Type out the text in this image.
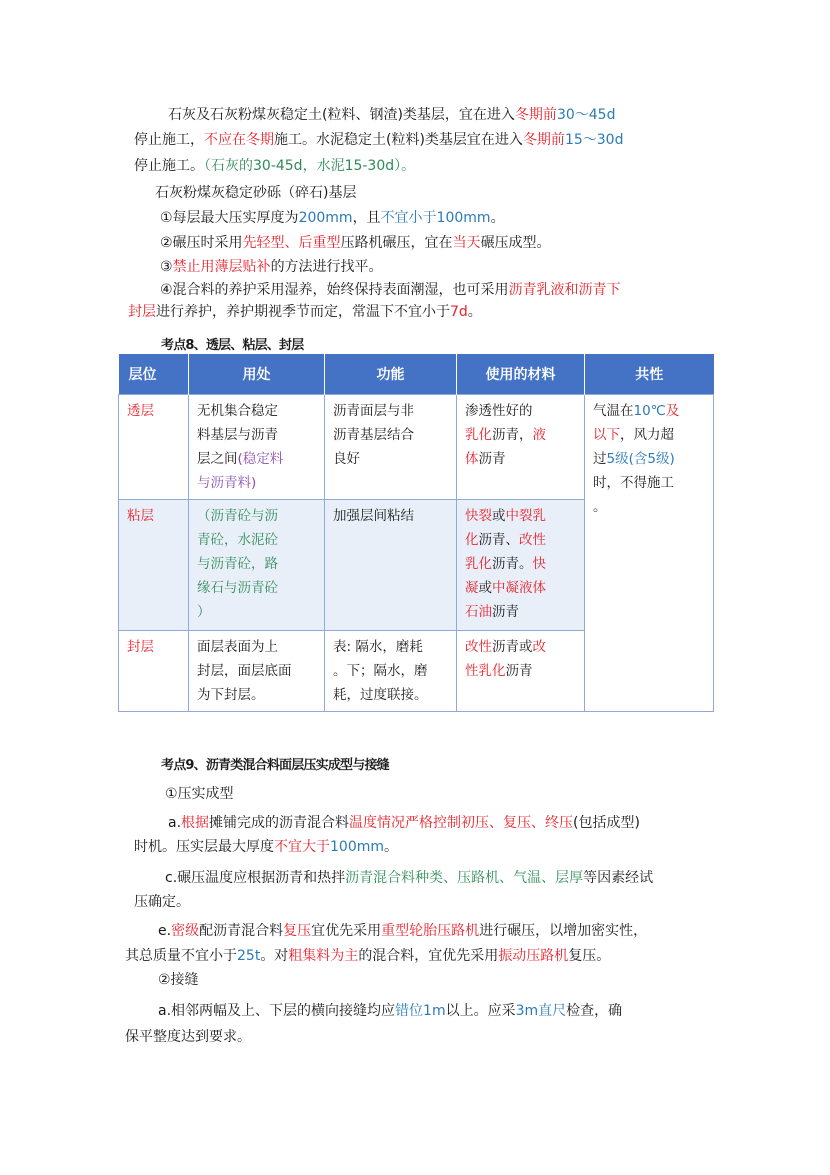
石灰及石灰粉煤灰稳定土(粒料、钢渣)类基层，宜在进入冬期前30～45d
停止施工，不应在冬期施工。水泥稳定土(粒料)类基层宜在进入冬期前15～30d
停止施工。（石灰的30-45d，水泥15-30d）。
石灰粉煤灰稳定砂砾（碎石)基层
①每层最大压实厚度为200mm，且不宜小于100mm。
②碾压时采用先轻型、后重型压路机碾压，宜在当天碾压成型。
③禁止用薄层贴补的方法进行找平。
④混合料的养护采用湿养，始终保持表面潮湿，也可采用沥青乳液和沥青下
封层进行养护，养护期视季节而定，常温下不宜小于7d。
考点8、透层、粘层、封层
层位	用处	功能	使用的材料	共性
透层	无机集合稳定
料基层与沥青
层之间(稳定料
与沥青料)	沥青面层与非
沥青基层结合
良好	渗透性好的
乳化沥青，液
体沥青	气温在10℃及
以下，风力超
过5级(含5级)
时，不得施工
。

粘层	（沥青砼与沥
青砼，水泥砼
与沥青砼，路
缘石与沥青砼
）	加强层间粘结	快裂或中裂乳
化沥青、改性
乳化沥青。快
凝或中凝液体
石油沥青	

封层	面层表面为上
封层，面层底面
为下封层。	表: 隔水，磨耗
。下；隔水，磨
耗，过度联接。	改性沥青或改
性乳化沥青	
考点9、沥青类混合料面层压实成型与接缝
①压实成型
a.根据摊铺完成的沥青混合料温度情况严格控制初压、复压、终压(包括成型)
时机。压实层最大厚度不宜大于100mm。
c.碾压温度应根据沥青和热拌沥青混合料种类、压路机、气温、层厚等因素经试
压确定。
e.密级配沥青混合料复压宜优先采用重型轮胎压路机进行碾压，以增加密实性，
其总质量不宜小于25t。对粗集料为主的混合料，宜优先采用振动压路机复压。
②接缝
a.相邻两幅及上、下层的横向接缝均应错位1m以上。应采3m直尺检查，确
保平整度达到要求。
